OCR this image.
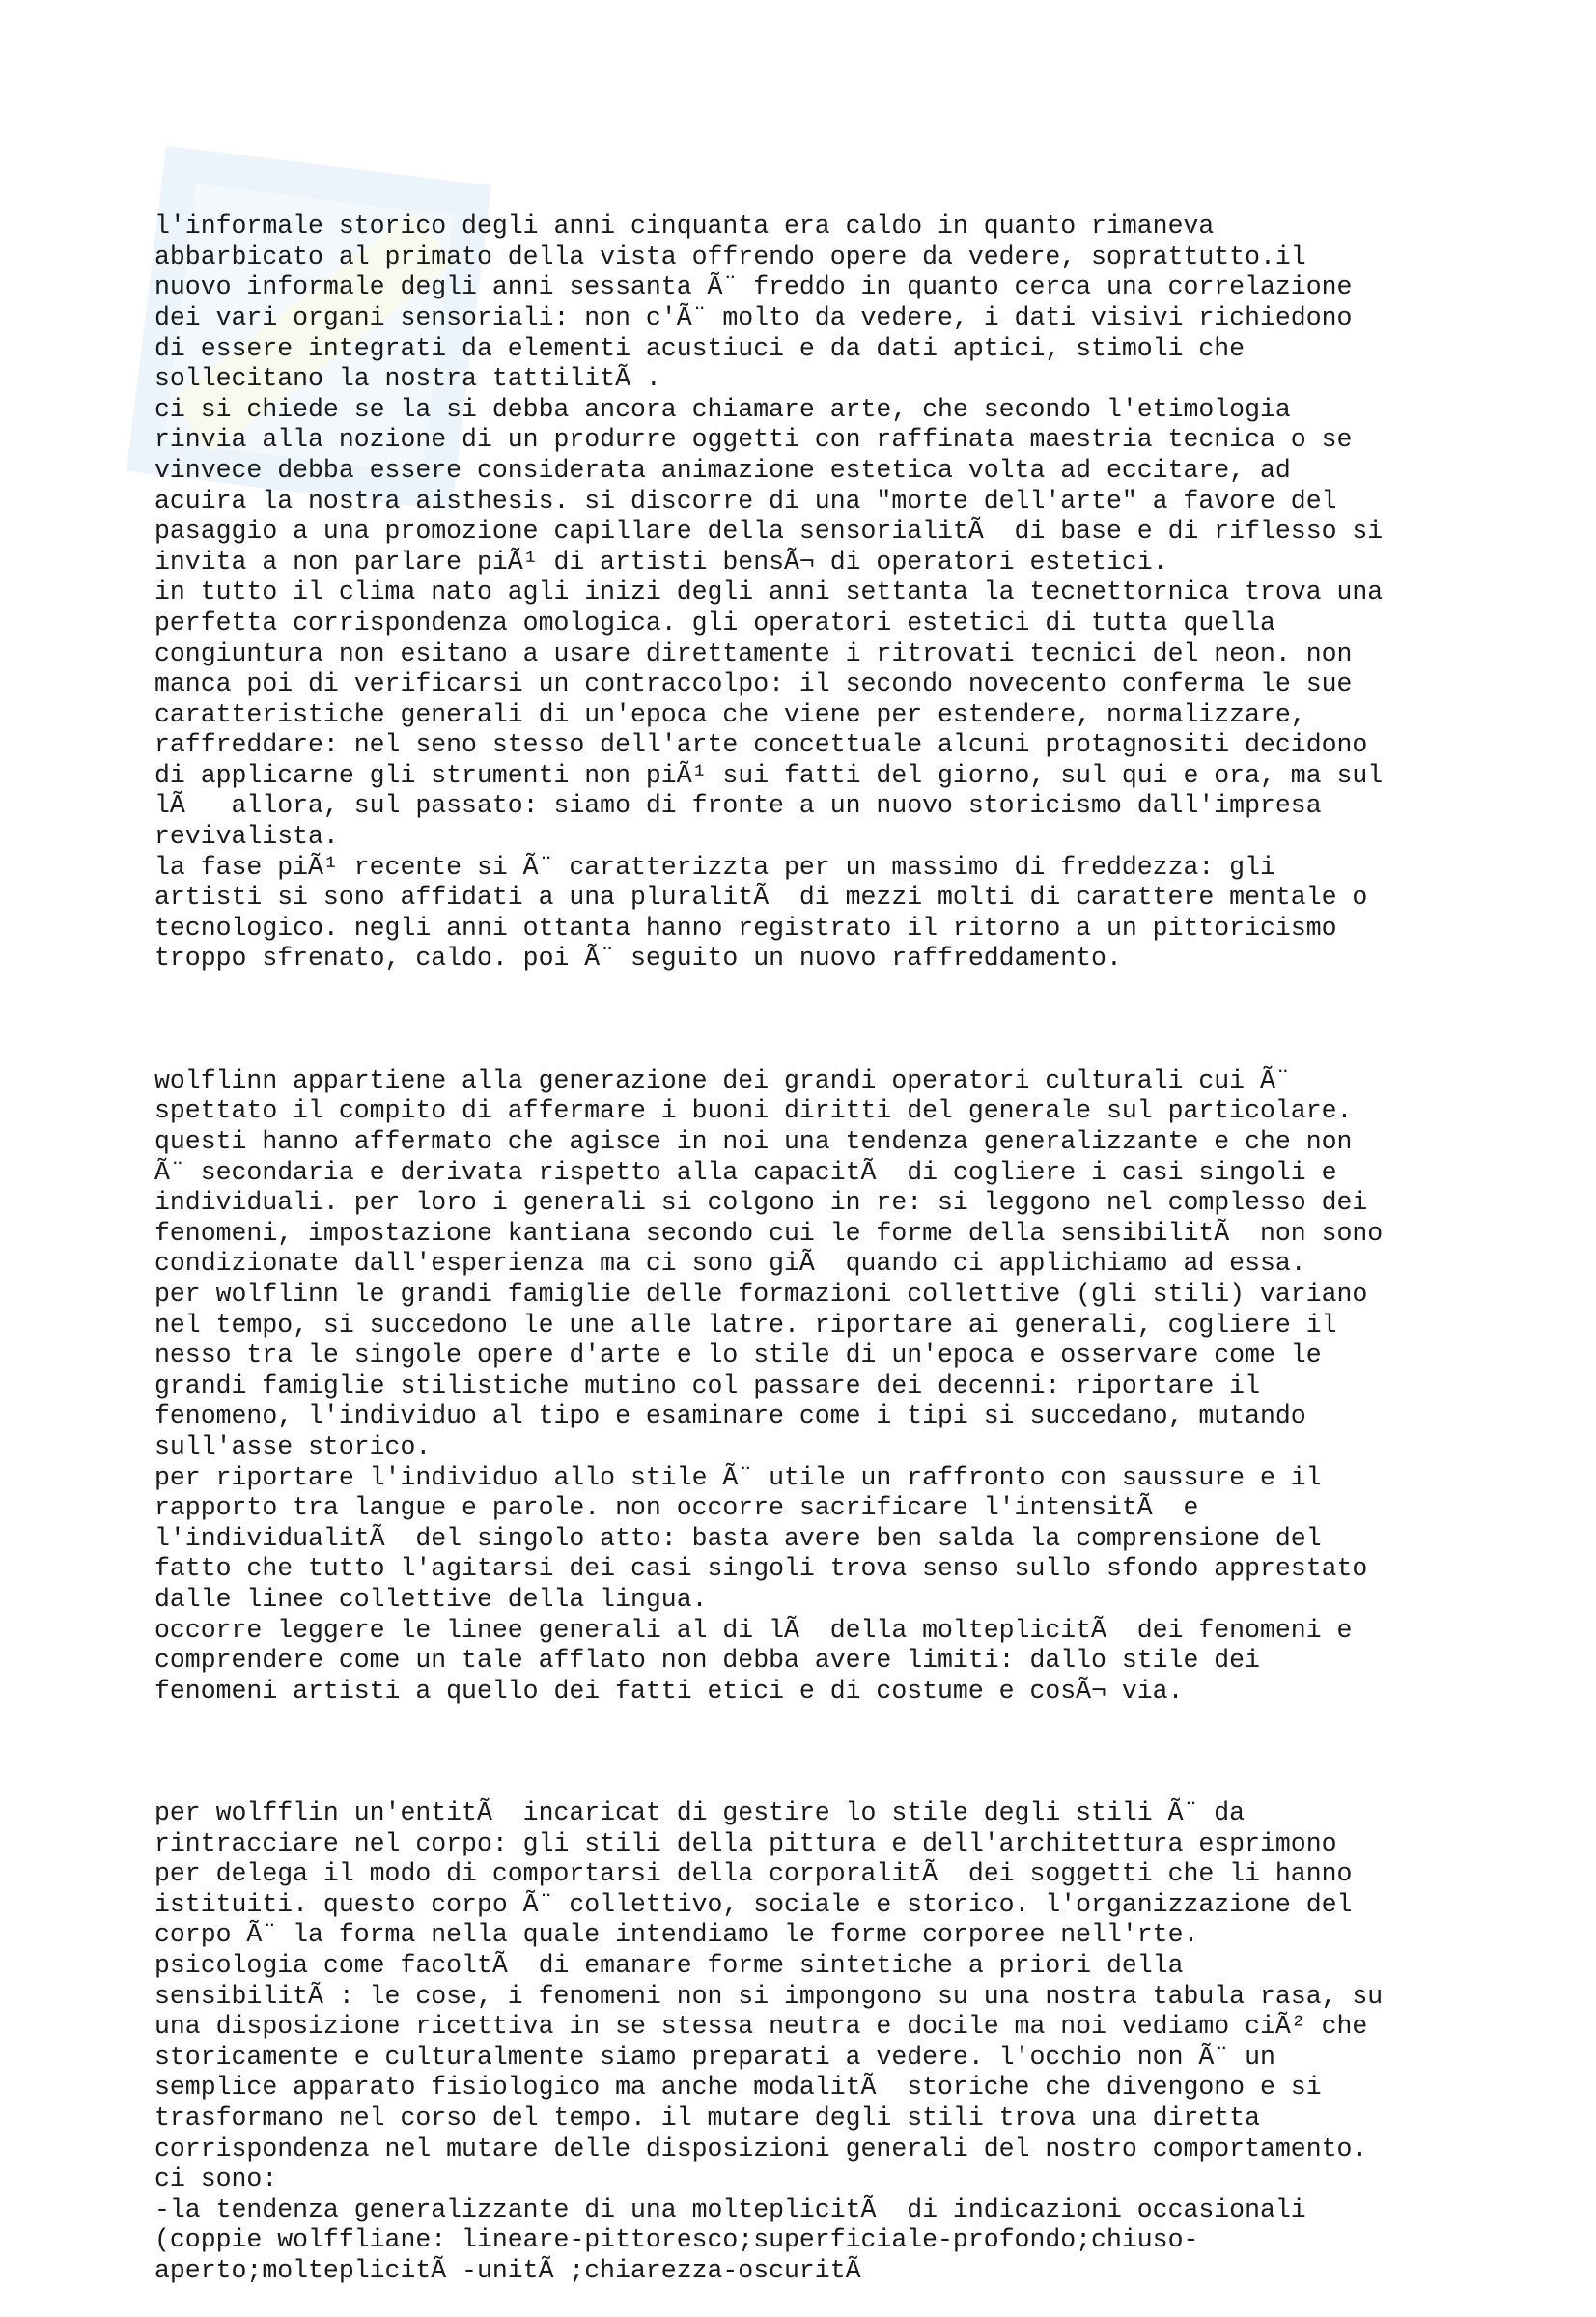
l'informale storico degli anni cinquanta era caldo in quanto rimaneva
abbarbicato al primato della vista offrendo opere da vedere, soprattutto.il
nuovo informale degli anni sessanta Ã¨ freddo in quanto cerca una correlazione
dei vari organi sensoriali: non c'Ã¨ molto da vedere, i dati visivi richiedono
di essere integrati da elementi acustiuci e da dati aptici, stimoli che
sollecitano la nostra tattilitÃ .
ci si chiede se la si debba ancora chiamare arte, che secondo l'etimologia
rinvia alla nozione di un produrre oggetti con raffinata maestria tecnica o se
vinvece debba essere considerata animazione estetica volta ad eccitare, ad
acuira la nostra aisthesis. si discorre di una "morte dell'arte" a favore del
pasaggio a una promozione capillare della sensorialitÃ  di base e di riflesso si
invita a non parlare piÃ¹ di artisti bensÃ¬ di operatori estetici.
in tutto il clima nato agli inizi degli anni settanta la tecnettornica trova una
perfetta corrispondenza omologica. gli operatori estetici di tutta quella
congiuntura non esitano a usare direttamente i ritrovati tecnici del neon. non
manca poi di verificarsi un contraccolpo: il secondo novecento conferma le sue
caratteristiche generali di un'epoca che viene per estendere, normalizzare,
raffreddare: nel seno stesso dell'arte concettuale alcuni protagnositi decidono
di applicarne gli strumenti non piÃ¹ sui fatti del giorno, sul qui e ora, ma sul
lÃ   allora, sul passato: siamo di fronte a un nuovo storicismo dall'impresa
revivalista.
la fase piÃ¹ recente si Ã¨ caratterizzta per un massimo di freddezza: gli
artisti si sono affidati a una pluralitÃ  di mezzi molti di carattere mentale o
tecnologico. negli anni ottanta hanno registrato il ritorno a un pittoricismo
troppo sfrenato, caldo. poi Ã¨ seguito un nuovo raffreddamento.

wolflinn appartiene alla generazione dei grandi operatori culturali cui Ã¨
spettato il compito di affermare i buoni diritti del generale sul particolare.
questi hanno affermato che agisce in noi una tendenza generalizzante e che non
Ã¨ secondaria e derivata rispetto alla capacitÃ  di cogliere i casi singoli e
individuali. per loro i generali si colgono in re: si leggono nel complesso dei
fenomeni, impostazione kantiana secondo cui le forme della sensibilitÃ  non sono
condizionate dall'esperienza ma ci sono giÃ  quando ci applichiamo ad essa.
per wolflinn le grandi famiglie delle formazioni collettive (gli stili) variano
nel tempo, si succedono le une alle latre. riportare ai generali, cogliere il
nesso tra le singole opere d'arte e lo stile di un'epoca e osservare come le
grandi famiglie stilistiche mutino col passare dei decenni: riportare il
fenomeno, l'individuo al tipo e esaminare come i tipi si succedano, mutando
sull'asse storico.
per riportare l'individuo allo stile Ã¨ utile un raffronto con saussure e il
rapporto tra langue e parole. non occorre sacrificare l'intensitÃ  e
l'individualitÃ  del singolo atto: basta avere ben salda la comprensione del
fatto che tutto l'agitarsi dei casi singoli trova senso sullo sfondo apprestato
dalle linee collettive della lingua.
occorre leggere le linee generali al di lÃ  della molteplicitÃ  dei fenomeni e
comprendere come un tale afflato non debba avere limiti: dallo stile dei
fenomeni artisti a quello dei fatti etici e di costume e cosÃ¬ via.

per wolfflin un'entitÃ  incaricat di gestire lo stile degli stili Ã¨ da
rintracciare nel corpo: gli stili della pittura e dell'architettura esprimono
per delega il modo di comportarsi della corporalitÃ  dei soggetti che li hanno
istituiti. questo corpo Ã¨ collettivo, sociale e storico. l'organizzazione del
corpo Ã¨ la forma nella quale intendiamo le forme corporee nell'rte.
psicologia come facoltÃ  di emanare forme sintetiche a priori della
sensibilitÃ : le cose, i fenomeni non si impongono su una nostra tabula rasa, su
una disposizione ricettiva in se stessa neutra e docile ma noi vediamo ciÃ² che
storicamente e culturalmente siamo preparati a vedere. l'occhio non Ã¨ un
semplice apparato fisiologico ma anche modalitÃ  storiche che divengono e si
trasformano nel corso del tempo. il mutare degli stili trova una diretta
corrispondenza nel mutare delle disposizioni generali del nostro comportamento.
ci sono:
-la tendenza generalizzante di una molteplicitÃ  di indicazioni occasionali
(coppie wolffliane: lineare-pittoresco;superficiale-profondo;chiuso-
aperto;molteplicitÃ -unitÃ ;chiarezza-oscuritÃ
